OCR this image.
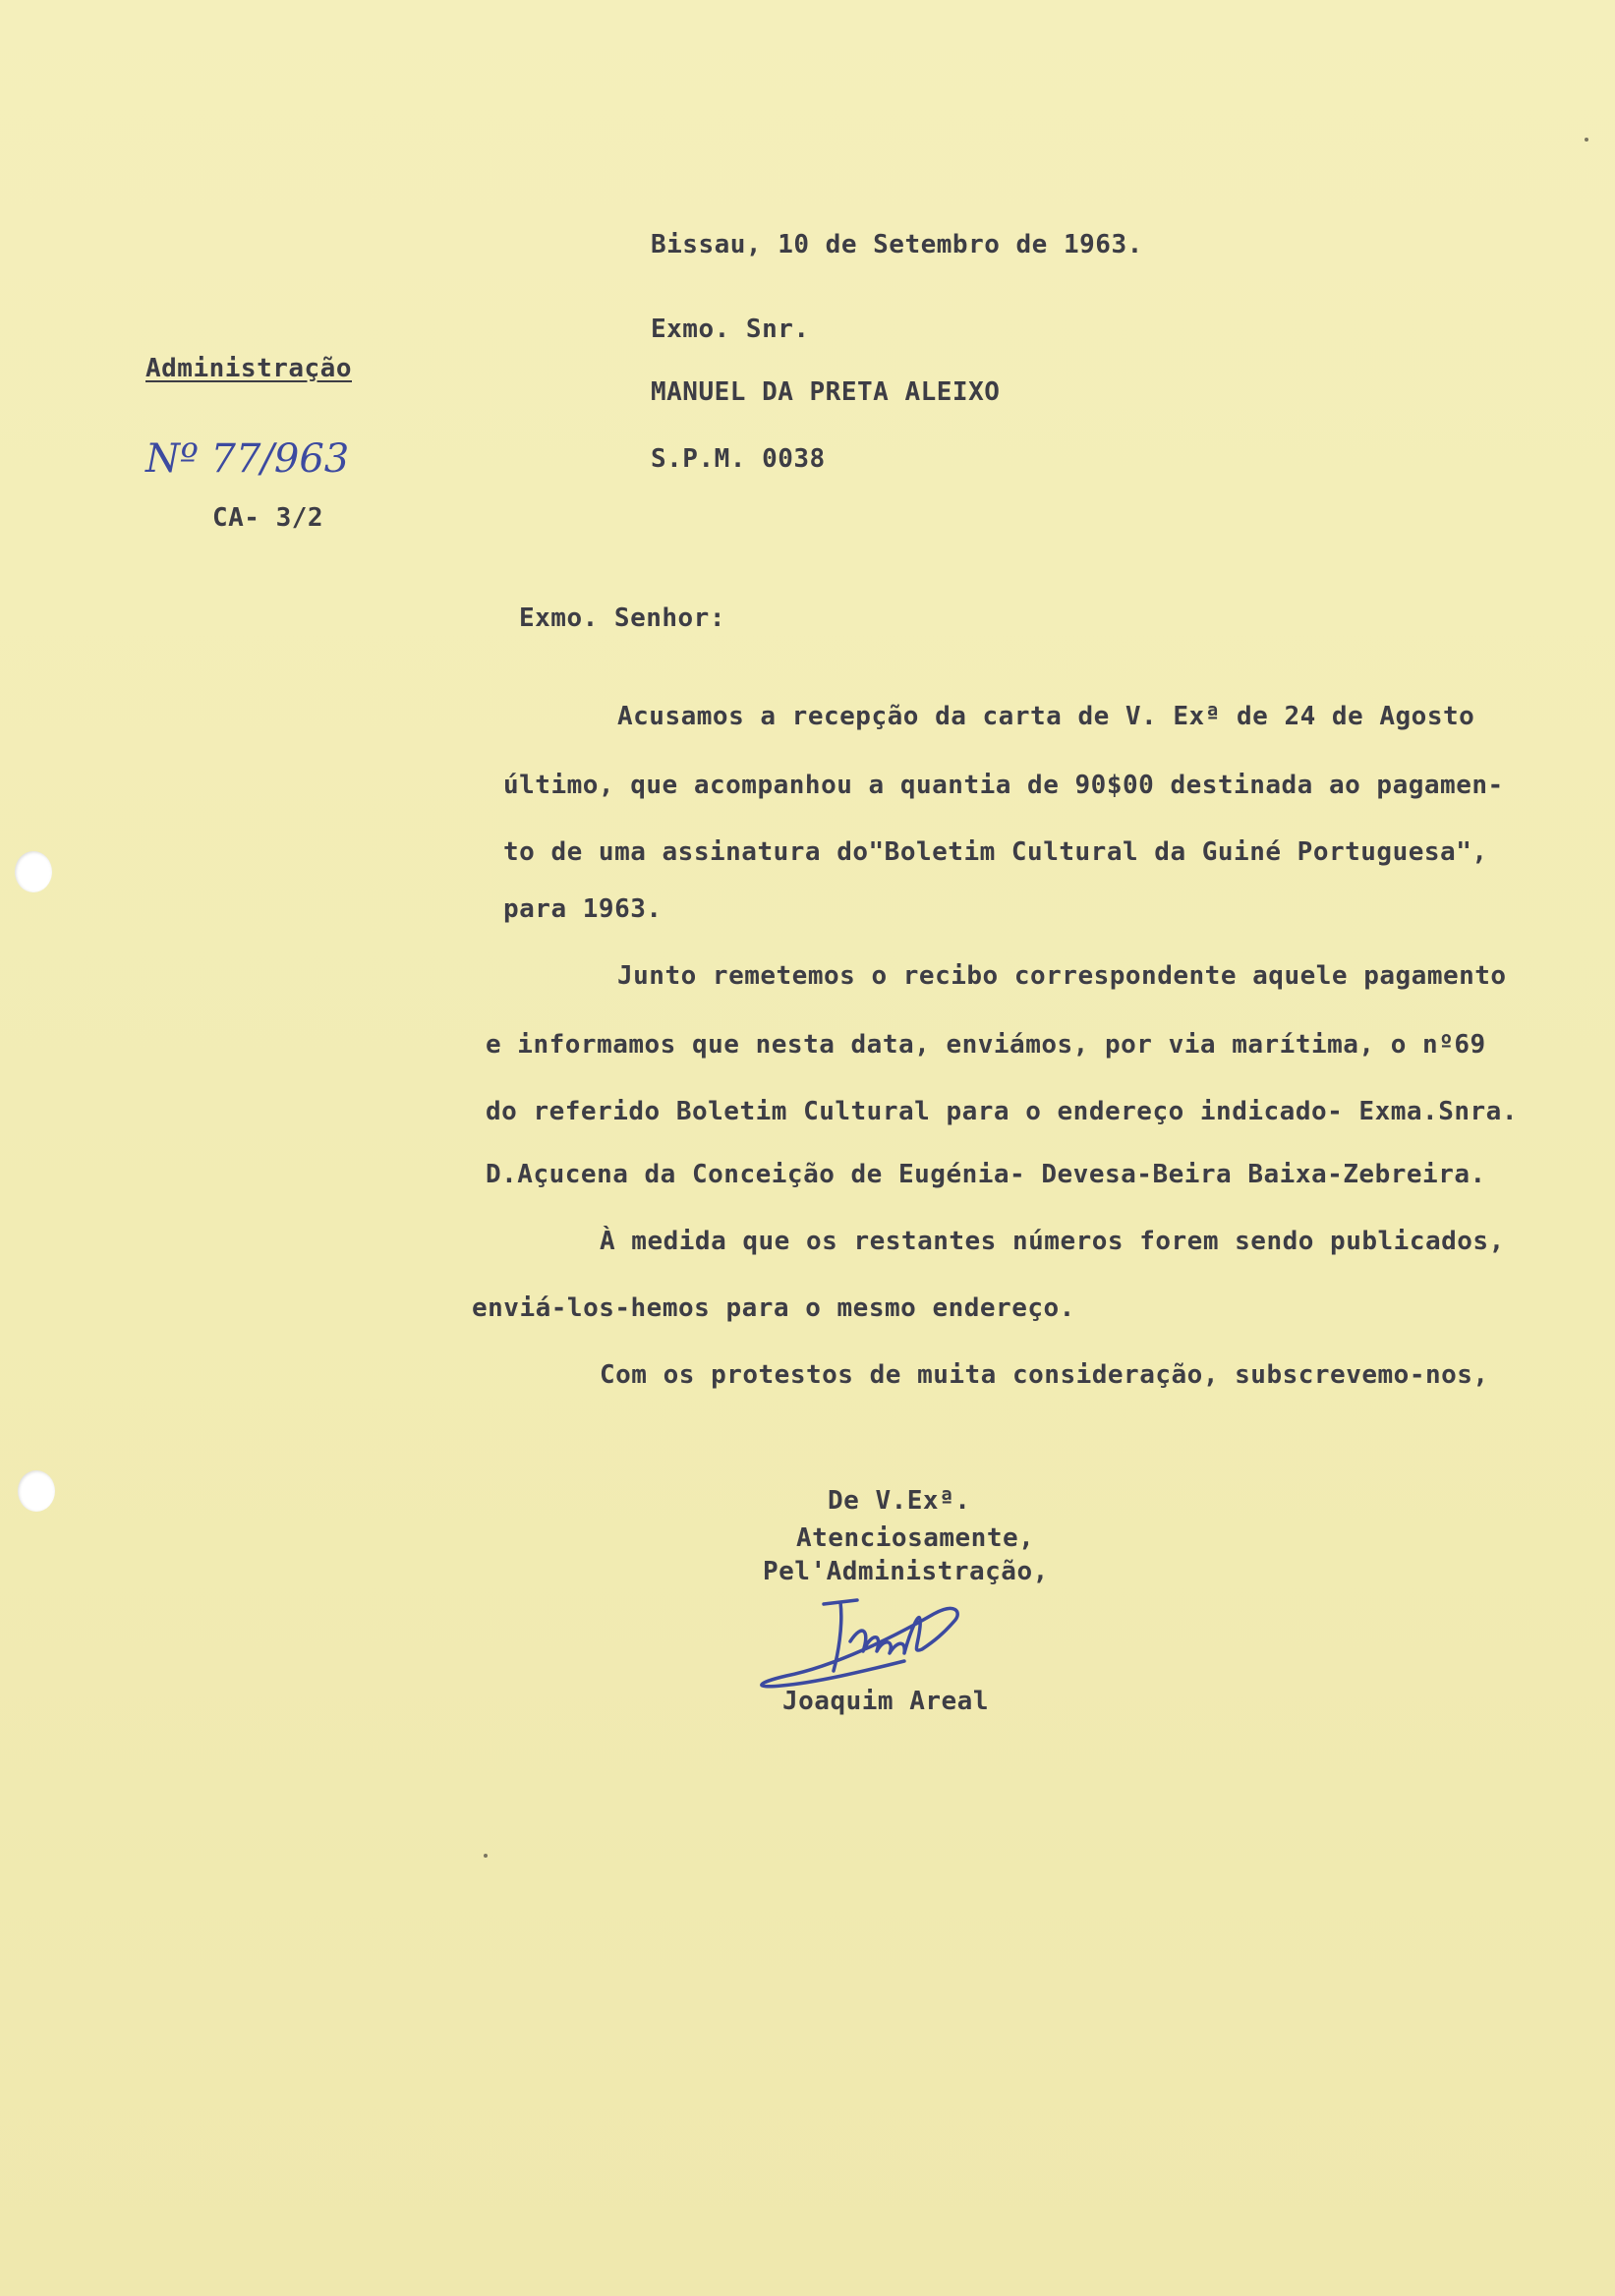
Bissau, 10 de Setembro de 1963.
Exmo. Snr.
MANUEL DA PRETA ALEIXO
S.P.M. 0038
Administração
Nº 77/963
CA- 3/2
Exmo. Senhor:
Acusamos a recepção da carta de V. Exª de 24 de Agosto
último, que acompanhou a quantia de 90$00 destinada ao pagamen-
to de uma assinatura do"Boletim Cultural da Guiné Portuguesa",
para 1963.
Junto remetemos o recibo correspondente aquele pagamento
e informamos que nesta data, enviámos, por via marítima, o nº69
do referido Boletim Cultural para o endereço indicado- Exma.Snra.
D.Açucena da Conceição de Eugénia- Devesa-Beira Baixa-Zebreira.
À medida que os restantes números forem sendo publicados,
enviá-los-hemos para o mesmo endereço.
Com os protestos de muita consideração, subscrevemo-nos,
De V.Exª.
Atenciosamente,
Pel'Administração,
Joaquim Areal
